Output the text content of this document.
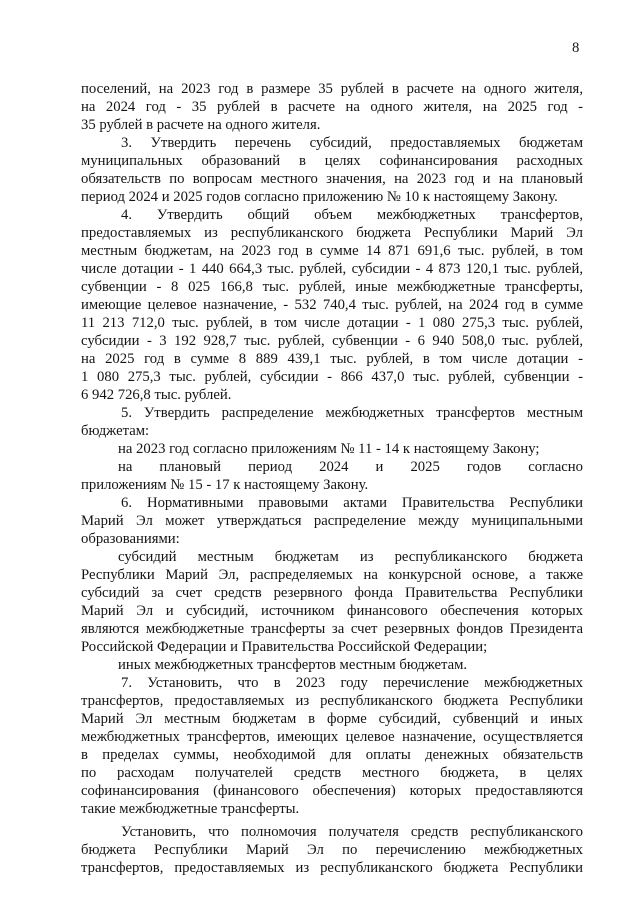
8
поселений, на 2023 год в размере 35 рублей в расчете на одного жителя,
на 2024 год - 35 рублей в расчете на одного жителя, на 2025 год -
35 рублей в расчете на одного жителя.
3. Утвердить перечень субсидий, предоставляемых бюджетам
муниципальных образований в целях софинансирования расходных
обязательств по вопросам местного значения, на 2023 год и на плановый
период 2024 и 2025 годов согласно приложению № 10 к настоящему Закону.
4. Утвердить общий объем межбюджетных трансфертов,
предоставляемых из республиканского бюджета Республики Марий Эл
местным бюджетам, на 2023 год в сумме 14 871 691,6 тыс. рублей, в том
числе дотации - 1 440 664,3 тыс. рублей, субсидии - 4 873 120,1 тыс. рублей,
субвенции - 8 025 166,8 тыс. рублей, иные межбюджетные трансферты,
имеющие целевое назначение, - 532 740,4 тыс. рублей, на 2024 год в сумме
11 213 712,0 тыс. рублей, в том числе дотации - 1 080 275,3 тыс. рублей,
субсидии - 3 192 928,7 тыс. рублей, субвенции - 6 940 508,0 тыс. рублей,
на 2025 год в сумме 8 889 439,1 тыс. рублей, в том числе дотации -
1 080 275,3 тыс. рублей, субсидии - 866 437,0 тыс. рублей, субвенции -
6 942 726,8 тыс. рублей.
5. Утвердить распределение межбюджетных трансфертов местным
бюджетам:
на 2023 год согласно приложениям № 11 - 14 к настоящему Закону;
на плановый период 2024 и 2025 годов согласно
приложениям № 15 - 17 к настоящему Закону.
6. Нормативными правовыми актами Правительства Республики
Марий Эл может утверждаться распределение между муниципальными
образованиями:
субсидий местным бюджетам из республиканского бюджета
Республики Марий Эл, распределяемых на конкурсной основе, а также
субсидий за счет средств резервного фонда Правительства Республики
Марий Эл и субсидий, источником финансового обеспечения которых
являются межбюджетные трансферты за счет резервных фондов Президента
Российской Федерации и Правительства Российской Федерации;
иных межбюджетных трансфертов местным бюджетам.
7. Установить, что в 2023 году перечисление межбюджетных
трансфертов, предоставляемых из республиканского бюджета Республики
Марий Эл местным бюджетам в форме субсидий, субвенций и иных
межбюджетных трансфертов, имеющих целевое назначение, осуществляется
в пределах суммы, необходимой для оплаты денежных обязательств
по расходам получателей средств местного бюджета, в целях
софинансирования (финансового обеспечения) которых предоставляются
такие межбюджетные трансферты.
Установить, что полномочия получателя средств республиканского
бюджета Республики Марий Эл по перечислению межбюджетных
трансфертов, предоставляемых из республиканского бюджета Республики
